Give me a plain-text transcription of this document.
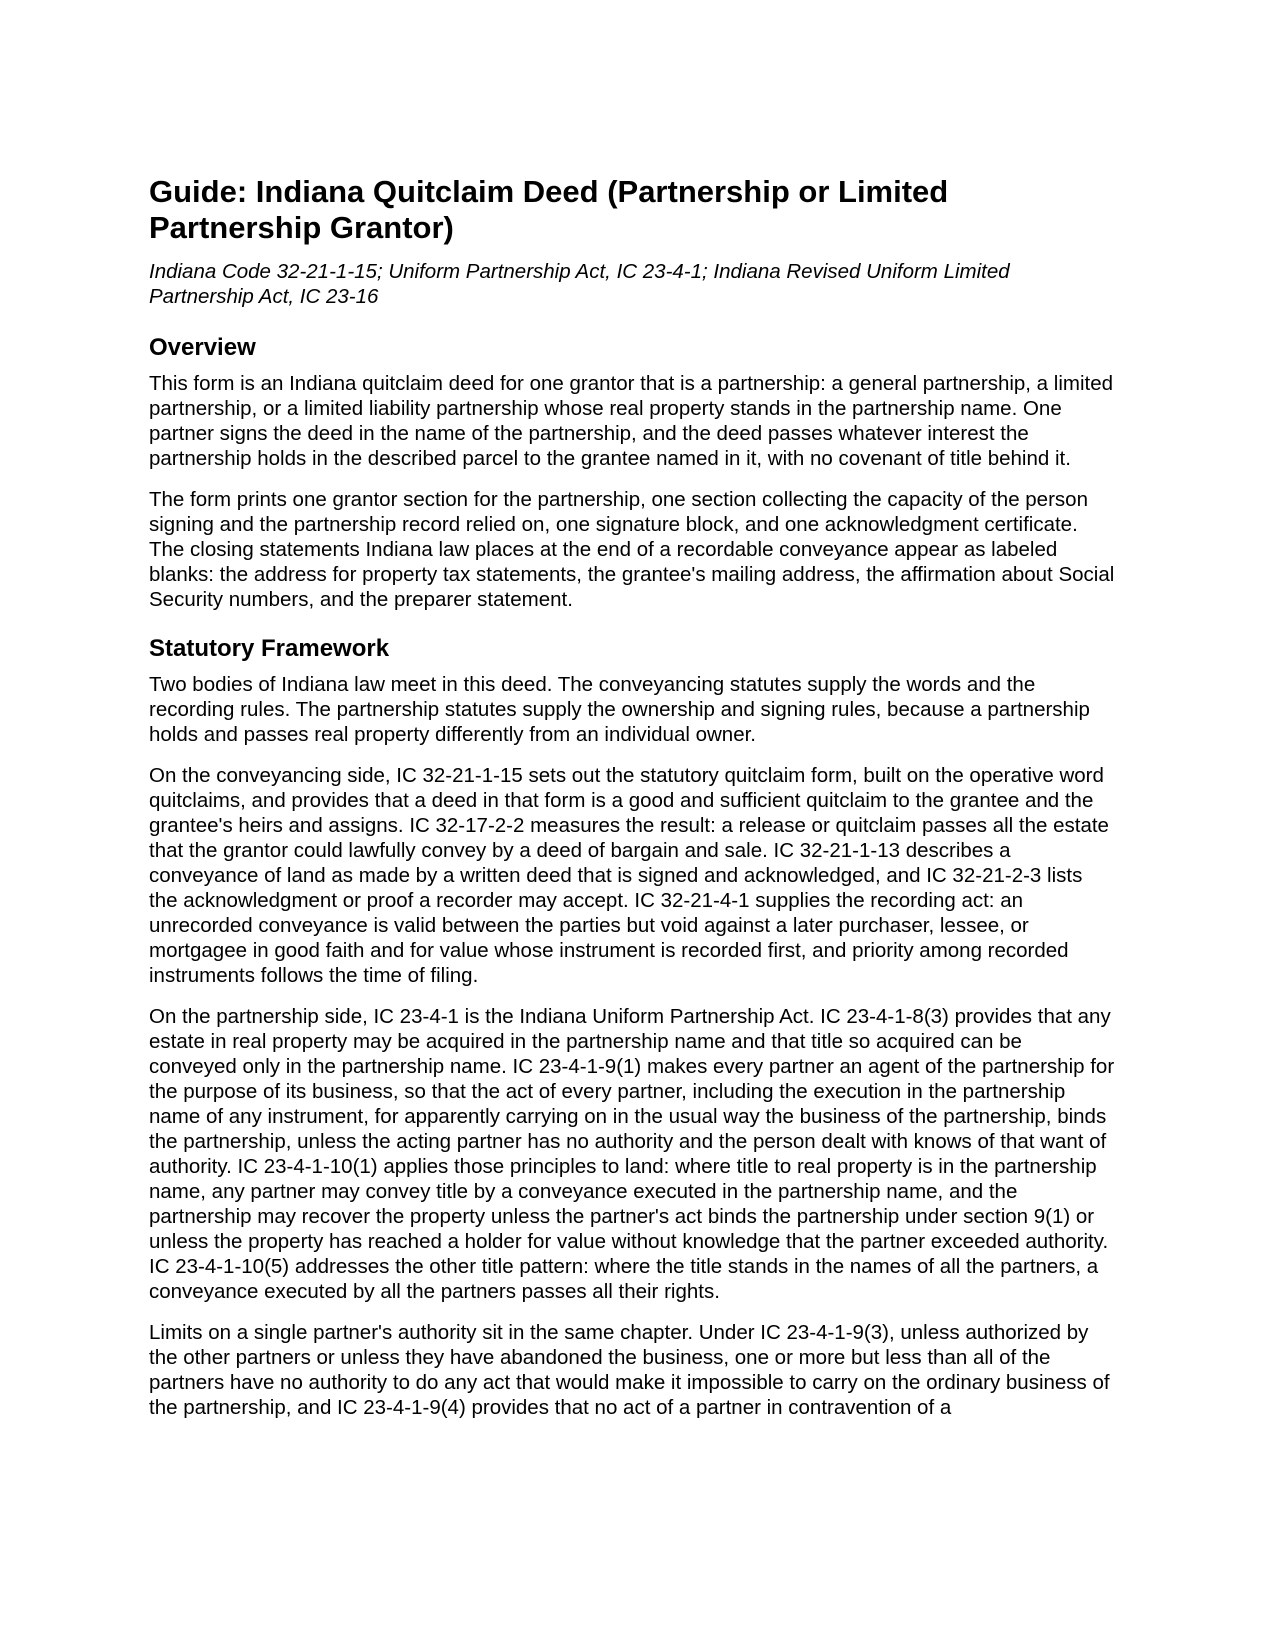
Guide: Indiana Quitclaim Deed (Partnership or Limited Partnership Grantor)
Indiana Code 32-21-1-15; Uniform Partnership Act, IC 23-4-1; Indiana Revised Uniform Limited Partnership Act, IC 23-16
Overview

This form is an Indiana quitclaim deed for one grantor that is a partnership: a general partnership, a limited partnership, or a limited liability partnership whose real property stands in the partnership name. One partner signs the deed in the name of the partnership, and the deed passes whatever interest the partnership holds in the described parcel to the grantee named in it, with no covenant of title behind it.

The form prints one grantor section for the partnership, one section collecting the capacity of the person signing and the partnership record relied on, one signature block, and one acknowledgment certificate. The closing statements Indiana law places at the end of a recordable conveyance appear as labeled blanks: the address for property tax statements, the grantee's mailing address, the affirmation about Social Security numbers, and the preparer statement.

Statutory Framework

Two bodies of Indiana law meet in this deed. The conveyancing statutes supply the words and the recording rules. The partnership statutes supply the ownership and signing rules, because a partnership holds and passes real property differently from an individual owner.

On the conveyancing side, IC 32-21-1-15 sets out the statutory quitclaim form, built on the operative word quitclaims, and provides that a deed in that form is a good and sufficient quitclaim to the grantee and the grantee's heirs and assigns. IC 32-17-2-2 measures the result: a release or quitclaim passes all the estate that the grantor could lawfully convey by a deed of bargain and sale. IC 32-21-1-13 describes a conveyance of land as made by a written deed that is signed and acknowledged, and IC 32-21-2-3 lists the acknowledgment or proof a recorder may accept. IC 32-21-4-1 supplies the recording act: an unrecorded conveyance is valid between the parties but void against a later purchaser, lessee, or mortgagee in good faith and for value whose instrument is recorded first, and priority among recorded instruments follows the time of filing.

On the partnership side, IC 23-4-1 is the Indiana Uniform Partnership Act. IC 23-4-1-8(3) provides that any estate in real property may be acquired in the partnership name and that title so acquired can be conveyed only in the partnership name. IC 23-4-1-9(1) makes every partner an agent of the partnership for the purpose of its business, so that the act of every partner, including the execution in the partnership name of any instrument, for apparently carrying on in the usual way the business of the partnership, binds the partnership, unless the acting partner has no authority and the person dealt with knows of that want of authority. IC 23-4-1-10(1) applies those principles to land: where title to real property is in the partnership name, any partner may convey title by a conveyance executed in the partnership name, and the partnership may recover the property unless the partner's act binds the partnership under section 9(1) or unless the property has reached a holder for value without knowledge that the partner exceeded authority. IC 23-4-1-10(5) addresses the other title pattern: where the title stands in the names of all the partners, a conveyance executed by all the partners passes all their rights.

Limits on a single partner's authority sit in the same chapter. Under IC 23-4-1-9(3), unless authorized by the other partners or unless they have abandoned the business, one or more but less than all of the partners have no authority to do any act that would make it impossible to carry on the ordinary business of the partnership, and IC 23-4-1-9(4) provides that no act of a partner in contravention of a
